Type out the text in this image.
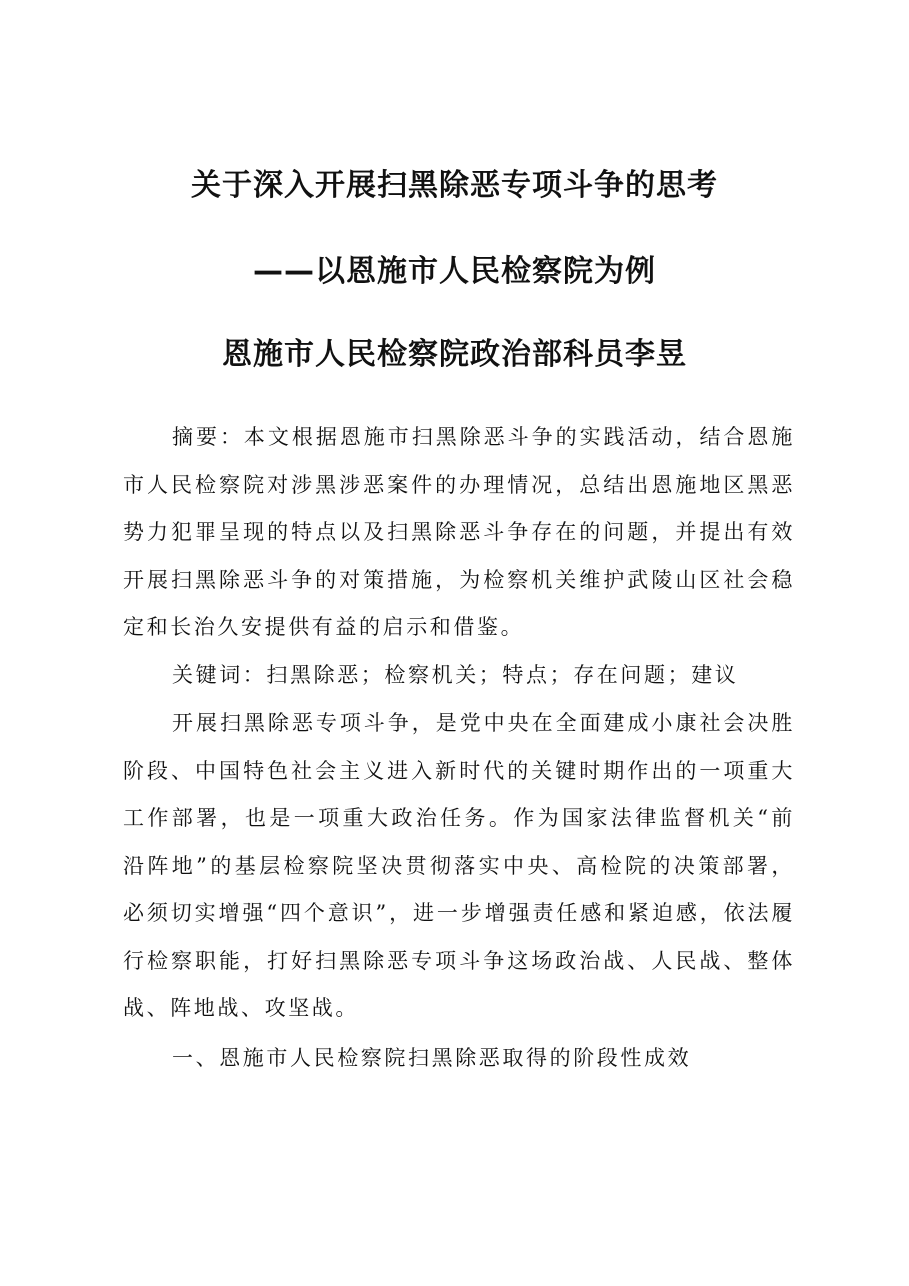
关于深入开展扫黑除恶专项斗争的思考
——以恩施市人民检察院为例
恩施市人民检察院政治部科员李昱
摘要：本文根据恩施市扫黑除恶斗争的实践活动，结合恩施市人民检察院对涉黑涉恶案件的办理情况，总结出恩施地区黑恶势力犯罪呈现的特点以及扫黑除恶斗争存在的问题，并提出有效开展扫黑除恶斗争的对策措施，为检察机关维护武陵山区社会稳定和长治久安提供有益的启示和借鉴。
关键词：扫黑除恶；检察机关；特点；存在问题；建议
开展扫黑除恶专项斗争，是党中央在全面建成小康社会决胜阶段、中国特色社会主义进入新时代的关键时期作出的一项重大工作部署，也是一项重大政治任务。作为国家法律监督机关“前沿阵地”的基层检察院坚决贯彻落实中央、高检院的决策部署，必须切实增强“四个意识”，进一步增强责任感和紧迫感，依法履行检察职能，打好扫黑除恶专项斗争这场政治战、人民战、整体战、阵地战、攻坚战。
一、恩施市人民检察院扫黑除恶取得的阶段性成效
